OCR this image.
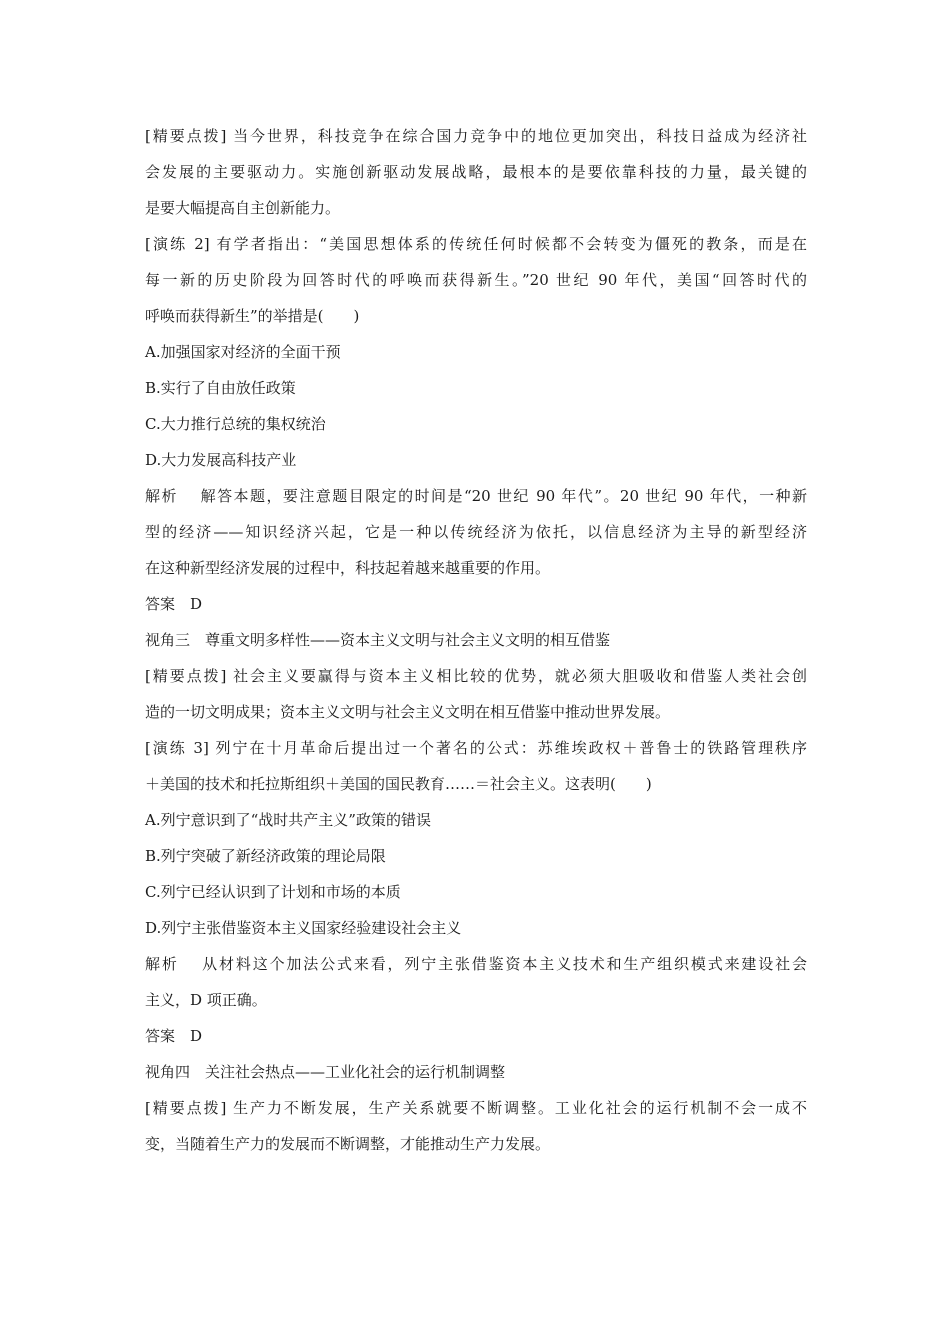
[精要点拨] 当今世界，科技竞争在综合国力竞争中的地位更加突出，科技日益成为经济社
会发展的主要驱动力。实施创新驱动发展战略，最根本的是要依靠科技的力量，最关键的
是要大幅提高自主创新能力。
[演练 2] 有学者指出：“美国思想体系的传统任何时候都不会转变为僵死的教条，而是在
每一新的历史阶段为回答时代的呼唤而获得新生。”20 世纪 90 年代，美国“回答时代的
呼唤而获得新生”的举措是(　　)
A.加强国家对经济的全面干预
B.实行了自由放任政策
C.大力推行总统的集权统治
D.大力发展高科技产业
解析　 解答本题，要注意题目限定的时间是“20 世纪 90 年代”。20 世纪 90 年代，一种新
型的经济——知识经济兴起，它是一种以传统经济为依托，以信息经济为主导的新型经济
在这种新型经济发展的过程中，科技起着越来越重要的作用。
答案　D
视角三　尊重文明多样性——资本主义文明与社会主义文明的相互借鉴
[精要点拨] 社会主义要赢得与资本主义相比较的优势，就必须大胆吸收和借鉴人类社会创
造的一切文明成果；资本主义文明与社会主义文明在相互借鉴中推动世界发展。
[演练 3] 列宁在十月革命后提出过一个著名的公式：苏维埃政权＋普鲁士的铁路管理秩序
＋美国的技术和托拉斯组织＋美国的国民教育……＝社会主义。这表明(　　)
A.列宁意识到了“战时共产主义”政策的错误
B.列宁突破了新经济政策的理论局限
C.列宁已经认识到了计划和市场的本质
D.列宁主张借鉴资本主义国家经验建设社会主义
解析　 从材料这个加法公式来看，列宁主张借鉴资本主义技术和生产组织模式来建设社会
主义，D 项正确。
答案　D
视角四　关注社会热点——工业化社会的运行机制调整
[精要点拨] 生产力不断发展，生产关系就要不断调整。工业化社会的运行机制不会一成不
变，当随着生产力的发展而不断调整，才能推动生产力发展。
